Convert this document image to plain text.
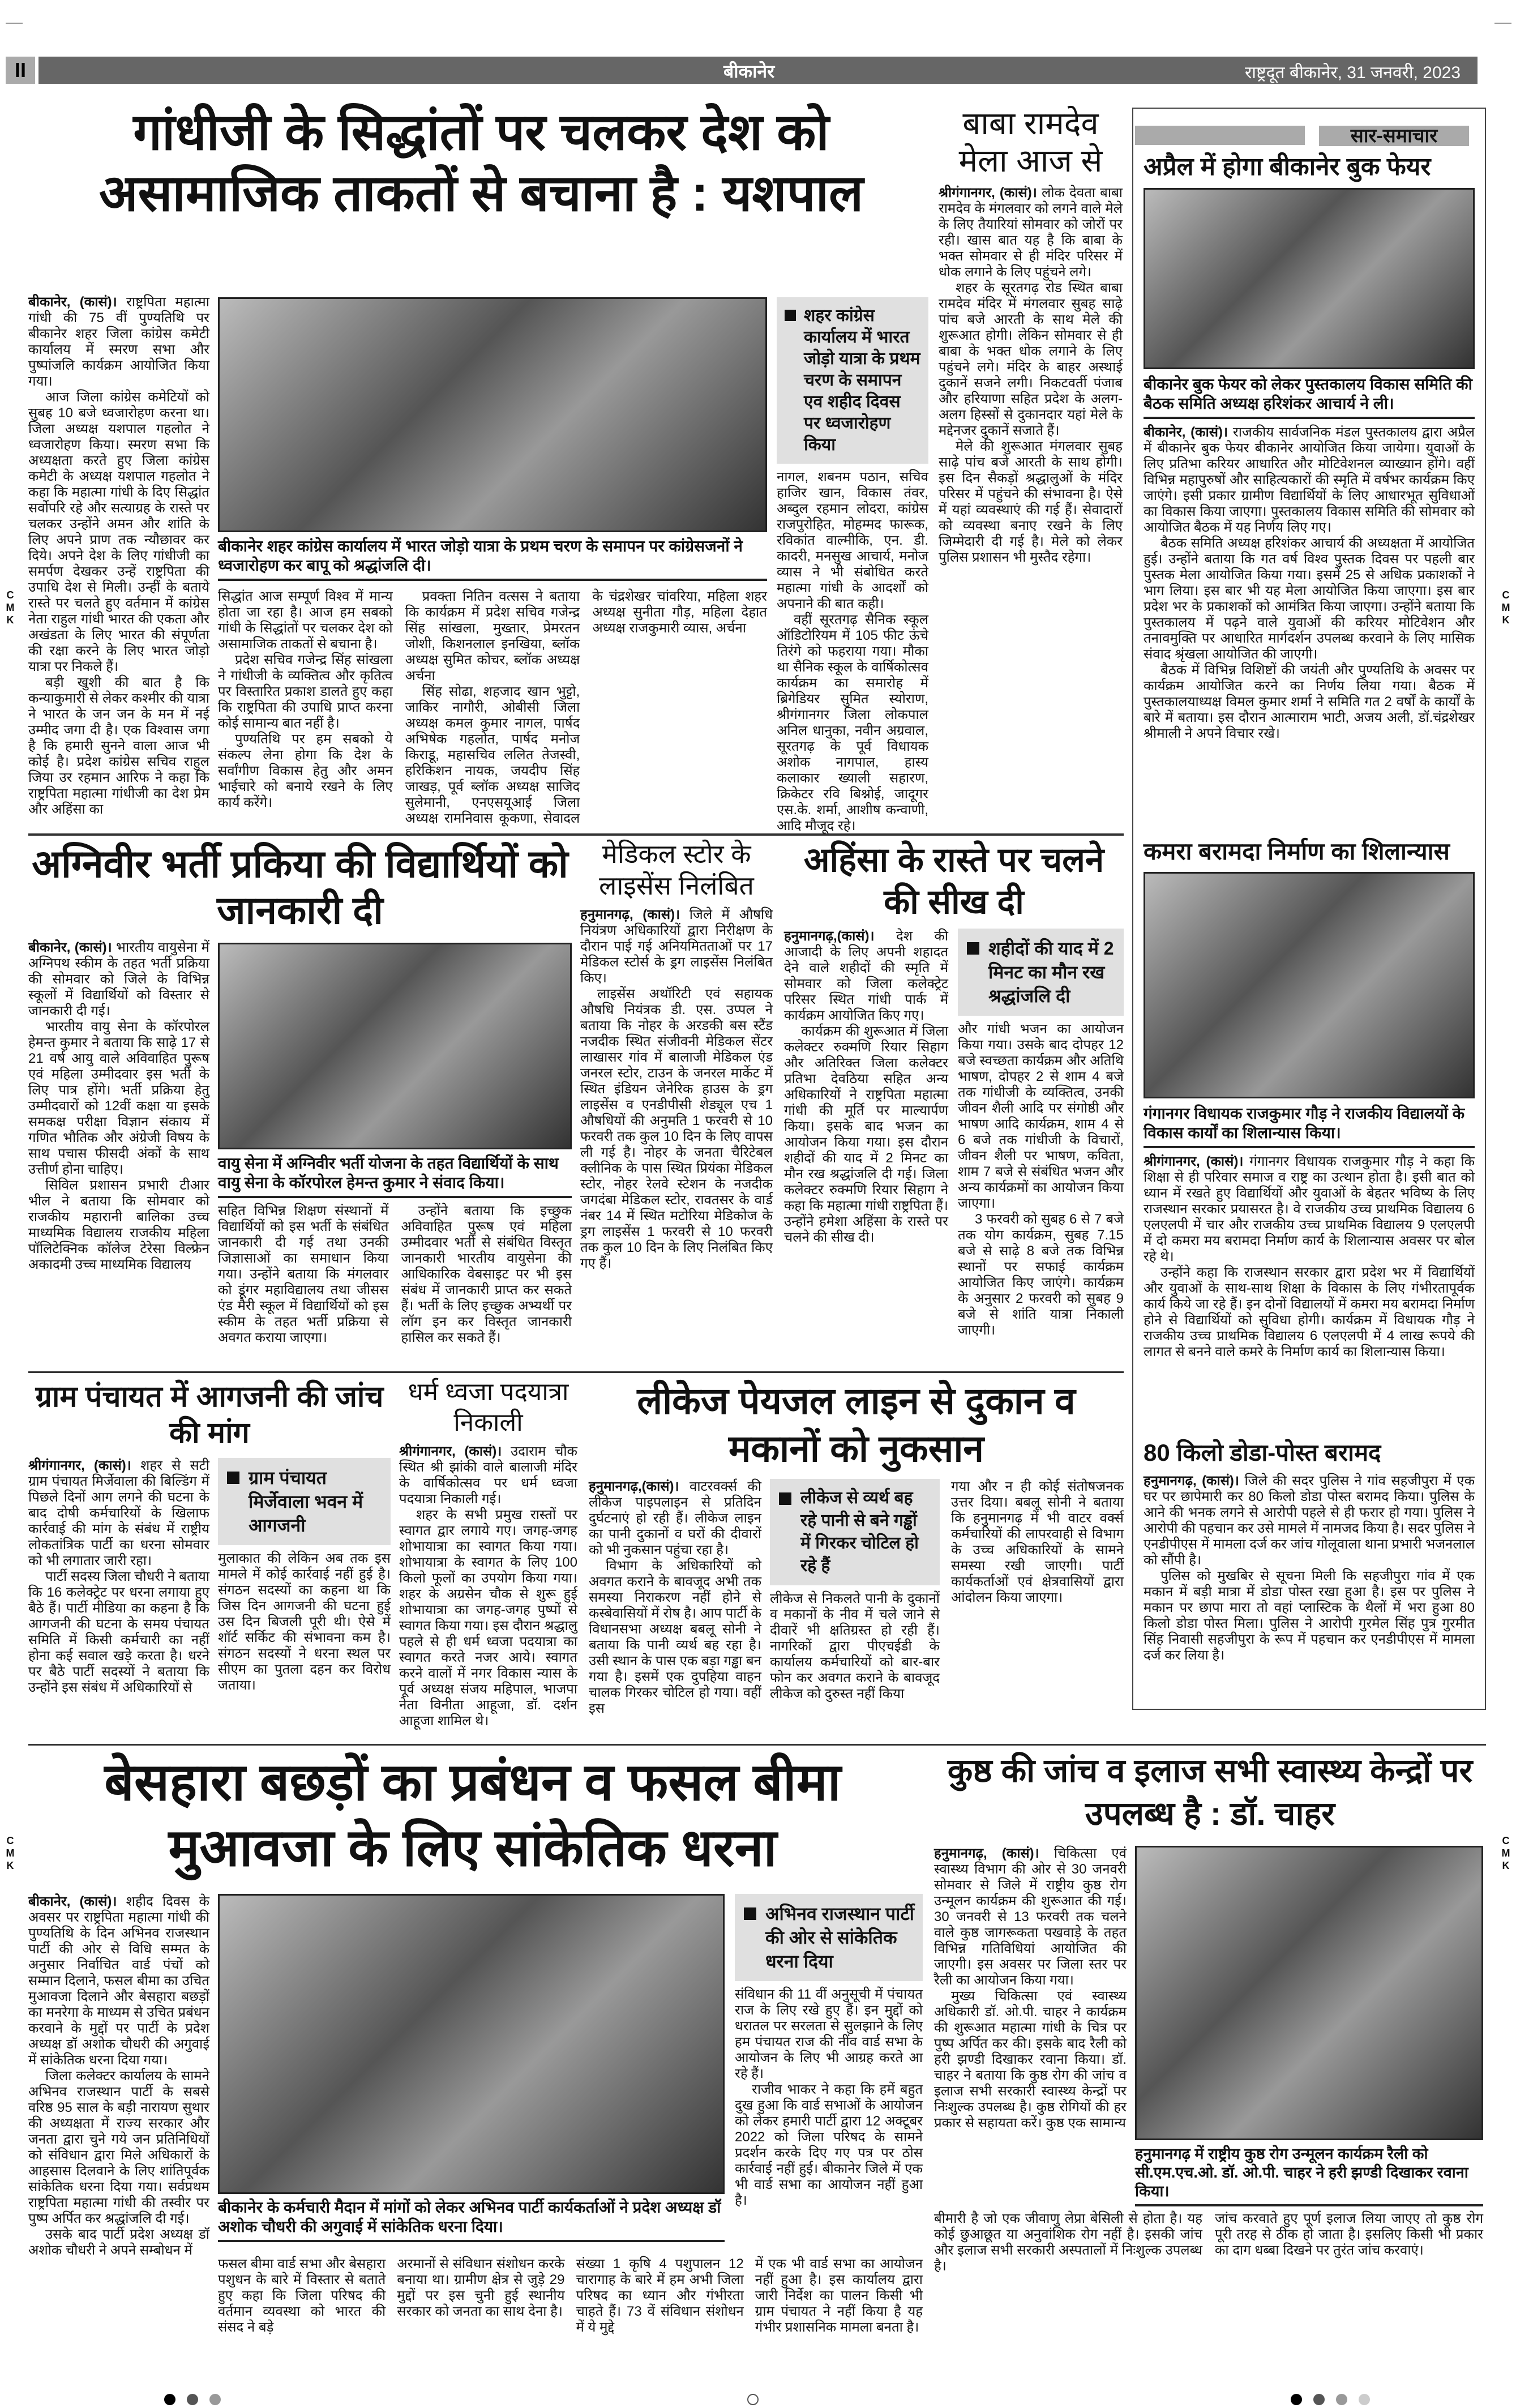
II	बीकानेर	राष्ट्रदूत बीकानेर, 31 जनवरी, 2023
गांधीजी के सिद्धांतों पर चलकर देश को असामाजिक ताकतों से बचाना है : यशपाल

बीकानेर, (कासं)। राष्ट्रपिता महात्मा गांधी की 75 वीं पुण्यतिथि पर बीकानेर शहर जिला कांग्रेस कमेटी कार्यालय में स्मरण सभा और पुष्पांजलि कार्यक्रम आयोजित किया गया।

आज जिला कांग्रेस कमेटियों को सुबह 10 बजे ध्वजारोहण करना था। जिला अध्यक्ष यशपाल गहलोत ने ध्वजारोहण किया। स्मरण सभा कि अध्यक्षता करते हुए जिला कांग्रेस कमेटी के अध्यक्ष यशपाल गहलोत ने कहा कि महात्मा गांधी के दिए सिद्धांत सर्वोपरि रहे और सत्याग्रह के रास्ते पर चलकर उन्होंने अमन और शांति के लिए अपने प्राण तक न्यौछावर कर दिये। अपने देश के लिए गांधीजी का समर्पण देखकर उन्हें राष्ट्रपिता की उपाधि देश से मिली। उन्हीं के बताये रास्ते पर चलते हुए वर्तमान में कांग्रेस नेता राहुल गांधी भारत की एकता और अखंडता के लिए भारत की संपूर्णता की रक्षा करने के लिए भारत जोड़ो यात्रा पर निकले हैं।

बड़ी खुशी की बात है कि कन्याकुमारी से लेकर कश्मीर की यात्रा ने भारत के जन जन के मन में नई उम्मीद जगा दी है। एक विश्वास जगा है कि हमारी सुनने वाला आज भी कोई है। प्रदेश कांग्रेस सचिव राहुल जिया उर रहमान आरिफ ने कहा कि राष्ट्रपिता महात्मा गांधीजी का देश प्रेम और अहिंसा का

बीकानेर शहर कांग्रेस कार्यालय में भारत जोड़ो यात्रा के प्रथम चरण के समापन पर कांग्रेसजनों ने ध्वजारोहण कर बापू को श्रद्धांजलि दी।

सिद्धांत आज सम्पूर्ण विश्व में मान्य होता जा रहा है। आज हम सबको गांधी के सिद्धांतों पर चलकर देश को असामाजिक ताकतों से बचाना है।

प्रदेश सचिव गजेन्द्र सिंह सांखला ने गांधीजी के व्यक्तित्व और कृतित्व पर विस्तारित प्रकाश डालते हुए कहा कि राष्ट्रपिता की उपाधि प्राप्त करना कोई सामान्य बात नहीं है।

पुण्यतिथि पर हम सबको ये संकल्प लेना होगा कि देश के सर्वांगीण विकास हेतु और अमन भाईचारे को बनाये रखने के लिए कार्य करेंगे।

प्रवक्ता नितिन वत्सस ने बताया कि कार्यक्रम में प्रदेश सचिव गजेन्द्र सिंह सांखला, मुख्तार, प्रेमरतन जोशी, किशनलाल इनखिया, ब्लॉक अध्यक्ष सुमित कोचर, ब्लॉक अध्यक्ष अर्चना

सिंह सोढा, शहजाद खान भुट्टो, जाकिर नागौरी, ओबीसी जिला अध्यक्ष कमल कुमार नागल, पार्षद अभिषेक गहलोत, पार्षद मनोज किराडू, महासचिव ललित तेजस्वी, हरिकिशन नायक, जयदीप सिंह जाखड़, पूर्व ब्लॉक अध्यक्ष साजिद सुलेमानी, एनएसयूआई जिला अध्यक्ष रामनिवास कूकणा, सेवादल के चंद्रशेखर चांवरिया, महिला शहर अध्यक्ष सुनीता गौड़, महिला देहात अध्यक्ष राजकुमारी व्यास, अर्चना

शहर कांग्रेस कार्यालय में भारत जोड़ो यात्रा के प्रथम चरण के समापन एव शहीद दिवस पर ध्वजारोहण किया

नागल, शबनम पठान, सचिव हाजिर खान, विकास तंवर, अब्दुल रहमान लोदरा, कांग्रेस राजपुरोहित, मोहम्मद फारूक, रविकांत वाल्मीकि, एन. डी. कादरी, मनसुख आचार्य, मनोज व्यास ने भी संबोधित करते महात्मा गांधी के आदर्शों को अपनाने की बात कही।

वहीं सूरतगढ़ सैनिक स्कूल ऑडिटोरियम में 105 फीट ऊंचे तिरंगे को फहराया गया। मौका था सैनिक स्कूल के वार्षिकोत्सव कार्यक्रम का समारोह में ब्रिगेडियर सुमित स्योराण, श्रीगंगानगर जिला लोकपाल अनिल धानुका, नवीन अग्रवाल, सूरतगढ़ के पूर्व विधायक अशोक नागपाल, हास्य कलाकार ख्याली सहारण, क्रिकेटर रवि बिश्नोई, जादूगर एस.के. शर्मा, आशीष कन्वाणी, आदि मौजूद रहे।

बाबा रामदेव मेला आज से

श्रीगंगानगर, (कासं)। लोक देवता बाबा रामदेव के मंगलवार को लगने वाले मेले के लिए तैयारियां सोमवार को जोरों पर रही। खास बात यह है कि बाबा के भक्त सोमवार से ही मंदिर परिसर में धोक लगाने के लिए पहुंचने लगे।

शहर के सूरतगढ़ रोड स्थित बाबा रामदेव मंदिर में मंगलवार सुबह साढ़े पांच बजे आरती के साथ मेले की शुरूआत होगी। लेकिन सोमवार से ही बाबा के भक्त धोक लगाने के लिए पहुंचने लगे। मंदिर के बाहर अस्थाई दुकानें सजने लगी। निकटवर्ती पंजाब और हरियाणा सहित प्रदेश के अलग-अलग हिस्सों से दुकानदार यहां मेले के मद्देनजर दुकानें सजाते हैं।

मेले की शुरूआत मंगलवार सुबह साढ़े पांच बजे आरती के साथ होगी। इस दिन सैकड़ों श्रद्धालुओं के मंदिर परिसर में पहुंचने की संभावना है। ऐसे में यहां व्यवस्थाएं की गई हैं। सेवादारों को व्यवस्था बनाए रखने के लिए जिम्मेदारी दी गई है। मेले को लेकर पुलिस प्रशासन भी मुस्तैद रहेगा।

सार-समाचार
अप्रैल में होगा बीकानेर बुक फेयर
बीकानेर बुक फेयर को लेकर पुस्तकालय विकास समिति की बैठक समिति अध्यक्ष हरिशंकर आचार्य ने ली।

बीकानेर, (कासं)। राजकीय सार्वजनिक मंडल पुस्तकालय द्वारा अप्रैल में बीकानेर बुक फेयर बीकानेर आयोजित किया जायेगा। युवाओं के लिए प्रतिभा करियर आधारित और मोटिवेशनल व्याख्यान होंगे। वहीं विभिन्न महापुरुषों और साहित्यकारों की स्मृति में वर्षभर कार्यक्रम किए जाएंगे। इसी प्रकार ग्रामीण विद्यार्थियों के लिए आधारभूत सुविधाओं का विकास किया जाएगा। पुस्तकालय विकास समिति की सोमवार को आयोजित बैठक में यह निर्णय लिए गए।

बैठक समिति अध्यक्ष हरिशंकर आचार्य की अध्यक्षता में आयोजित हुई। उन्होंने बताया कि गत वर्ष विश्व पुस्तक दिवस पर पहली बार पुस्तक मेला आयोजित किया गया। इसमें 25 से अधिक प्रकाशकों ने भाग लिया। इस बार भी यह मेला आयोजित किया जाएगा। इस बार प्रदेश भर के प्रकाशकों को आमंत्रित किया जाएगा। उन्होंने बताया कि पुस्तकालय में पढ़ने वाले युवाओं की करियर मोटिवेशन और तनावमुक्ति पर आधारित मार्गदर्शन उपलब्ध करवाने के लिए मासिक संवाद श्रृंखला आयोजित की जाएगी।

बैठक में विभिन्न विशिष्टों की जयंती और पुण्यतिथि के अवसर पर कार्यक्रम आयोजित करने का निर्णय लिया गया। बैठक में पुस्तकालयाध्यक्ष विमल कुमार शर्मा ने समिति गत 2 वर्षों के कार्यों के बारे में बताया। इस दौरान आत्माराम भाटी, अजय अली, डॉ.चंद्रशेखर श्रीमाली ने अपने विचार रखे।

कमरा बरामदा निर्माण का शिलान्यास
गंगानगर विधायक राजकुमार गौड़ ने राजकीय विद्यालयों के विकास कार्यों का शिलान्यास किया।

श्रीगंगानगर, (कासं)। गंगानगर विधायक राजकुमार गौड़ ने कहा कि शिक्षा से ही परिवार समाज व राष्ट्र का उत्थान होता है। इसी बात को ध्यान में रखते हुए विद्यार्थियों और युवाओं के बेहतर भविष्य के लिए राजस्थान सरकार प्रयासरत है। वे राजकीय उच्च प्राथमिक विद्यालय 6 एलएलपी में चार और राजकीय उच्च प्राथमिक विद्यालय 9 एलएलपी में दो कमरा मय बरामदा निर्माण कार्य के शिलान्यास अवसर पर बोल रहे थे।

उन्होंने कहा कि राजस्थान सरकार द्वारा प्रदेश भर में विद्यार्थियों और युवाओं के साथ-साथ शिक्षा के विकास के लिए गंभीरतापूर्वक कार्य किये जा रहे हैं। इन दोनों विद्यालयों में कमरा मय बरामदा निर्माण होने से विद्यार्थियों को सुविधा होगी। कार्यक्रम में विधायक गौड़ ने राजकीय उच्च प्राथमिक विद्यालय 6 एलएलपी में 4 लाख रूपये की लागत से बनने वाले कमरे के निर्माण कार्य का शिलान्यास किया।

80 किलो डोडा-पोस्त बरामद

हनुमानगढ़, (कासं)। जिले की सदर पुलिस ने गांव सहजीपुरा में एक घर पर छापेमारी कर 80 किलो डोडा पोस्त बरामद किया। पुलिस के आने की भनक लगने से आरोपी पहले से ही फरार हो गया। पुलिस ने आरोपी की पहचान कर उसे मामले में नामजद किया है। सदर पुलिस ने एनडीपीएस में मामला दर्ज कर जांच गोलूवाला थाना प्रभारी भजनलाल को सौंपी है।

पुलिस को मुखबिर से सूचना मिली कि सहजीपुरा गांव में एक मकान में बड़ी मात्रा में डोडा पोस्त रखा हुआ है। इस पर पुलिस ने मकान पर छापा मारा तो वहां प्लास्टिक के थैलों में भरा हुआ 80 किलो डोडा पोस्त मिला। पुलिस ने आरोपी गुरमेल सिंह पुत्र गुरमीत सिंह निवासी सहजीपुरा के रूप में पहचान कर एनडीपीएस में मामला दर्ज कर लिया है।

अग्निवीर भर्ती प्रकिया की विद्यार्थियों को जानकारी दी

बीकानेर, (कासं)। भारतीय वायुसेना में अग्निपथ स्कीम के तहत भर्ती प्रक्रिया की सोमवार को जिले के विभिन्न स्कूलों में विद्यार्थियों को विस्तार से जानकारी दी गई।

भारतीय वायु सेना के कॉरपोरल हेमन्त कुमार ने बताया कि साढ़े 17 से 21 वर्ष आयु वाले अविवाहित पुरूष एवं महिला उम्मीदवार इस भर्ती के लिए पात्र होंगे। भर्ती प्रक्रिया हेतु उम्मीदवारों को 12वीं कक्षा या इसके समकक्ष परीक्षा विज्ञान संकाय में गणित भौतिक और अंग्रेजी विषय के साथ पचास फीसदी अंकों के साथ उत्तीर्ण होना चाहिए।

सिविल प्रशासन प्रभारी टीआर भील ने बताया कि सोमवार को राजकीय महारानी बालिका उच्च माध्यमिक विद्यालय राजकीय महिला पॉलिटेक्निक कॉलेज टेरेसा विल्फ्रेन अकादमी उच्च माध्यमिक विद्यालय

वायु सेना में अग्निवीर भर्ती योजना के तहत विद्यार्थियों के साथ वायु सेना के कॉरपोरल हेमन्त कुमार ने संवाद किया।

सहित विभिन्न शिक्षण संस्थानों में विद्यार्थियों को इस भर्ती के संबंधित जानकारी दी गई तथा उनकी जिज्ञासाओं का समाधान किया गया। उन्होंने बताया कि मंगलवार को डूंगर महाविद्यालय तथा जीसस एंड मैरी स्कूल में विद्यार्थियों को इस स्कीम के तहत भर्ती प्रक्रिया से अवगत कराया जाएगा।

उन्होंने बताया कि इच्छुक अविवाहित पुरूष एवं महिला उम्मीदवार भर्ती से संबंधित विस्तृत जानकारी भारतीय वायुसेना की आधिकारिक वेबसाइट पर भी इस संबंध में जानकारी प्राप्त कर सकते हैं। भर्ती के लिए इच्छुक अभ्यर्थी पर लॉग इन कर विस्तृत जानकारी हासिल कर सकते हैं।

मेडिकल स्टोर के लाइसेंस निलंबित

हनुमानगढ़, (कासं)। जिले में औषधि नियंत्रण अधिकारियों द्वारा निरीक्षण के दौरान पाई गई अनियमितताओं पर 17 मेडिकल स्टोर्स के ड्रग लाइसेंस निलंबित किए।

लाइसेंस अथॉरिटी एवं सहायक औषधि नियंत्रक डी. एस. उप्पल ने बताया कि नोहर के अरडकी बस स्टैंड नजदीक स्थित संजीवनी मेडिकल सेंटर लाखासर गांव में बालाजी मेडिकल एंड जनरल स्टोर, टाउन के जनरल मार्केट में स्थित इंडियन जेनेरिक हाउस के ड्रग लाइसेंस व एनडीपीसी शेड्यूल एच 1 औषधियों की अनुमति 1 फरवरी से 10 फरवरी तक कुल 10 दिन के लिए वापस ली गई है। नोहर के जनता चैरिटेबल क्लीनिक के पास स्थित प्रियंका मेडिकल स्टोर, नोहर रेलवे स्टेशन के नजदीक जगदंबा मेडिकल स्टोर, रावतसर के वार्ड नंबर 14 में स्थित मटोरिया मेडिकोज के ड्रग लाइसेंस 1 फरवरी से 10 फरवरी तक कुल 10 दिन के लिए निलंबित किए गए हैं।

अहिंसा के रास्ते पर चलने की सीख दी

हनुमानगढ़,(कासं)। देश की आजादी के लिए अपनी शहादत देने वाले शहीदों की स्मृति में सोमवार को जिला कलेक्ट्रेट परिसर स्थित गांधी पार्क में कार्यक्रम आयोजित किए गए।

कार्यक्रम की शुरूआत में जिला कलेक्टर रुक्मणि रियार सिहाग और अतिरिक्त जिला कलेक्टर प्रतिभा देवठिया सहित अन्य अधिकारियों ने राष्ट्रपिता महात्मा गांधी की मूर्ति पर माल्यार्पण किया। इसके बाद भजन का आयोजन किया गया। इस दौरान शहीदों की याद में 2 मिनट का मौन रख श्रद्धांजलि दी गई। जिला कलेक्टर रुक्मणि रियार सिहाग ने कहा कि महात्मा गांधी राष्ट्रपिता हैं। उन्होंने हमेशा अहिंसा के रास्ते पर चलने की सीख दी।

शहीदों की याद में 2 मिनट का मौन रख श्रद्धांजलि दी

और गांधी भजन का आयोजन किया गया। उसके बाद दोपहर 12 बजे स्वच्छता कार्यक्रम और अतिथि भाषण, दोपहर 2 से शाम 4 बजे तक गांधीजी के व्यक्तित्व, उनकी जीवन शैली आदि पर संगोष्ठी और भाषण आदि कार्यक्रम, शाम 4 से 6 बजे तक गांधीजी के विचारों, जीवन शैली पर भाषण, कविता, शाम 7 बजे से संबंधित भजन और अन्य कार्यक्रमों का आयोजन किया जाएगा।

3 फरवरी को सुबह 6 से 7 बजे तक योग कार्यक्रम, सुबह 7.15 बजे से साढ़े 8 बजे तक विभिन्न स्थानों पर सफाई कार्यक्रम आयोजित किए जाएंगे। कार्यक्रम के अनुसार 2 फरवरी को सुबह 9 बजे से शांति यात्रा निकाली जाएगी।

ग्राम पंचायत में आगजनी की जांच की मांग

श्रीगंगानगर, (कासं)। शहर से सटी ग्राम पंचायत मिर्जेवाला की बिल्डिंग में पिछले दिनों आग लगने की घटना के बाद दोषी कर्मचारियों के खिलाफ कार्रवाई की मांग के संबंध में राष्ट्रीय लोकतांत्रिक पार्टी का धरना सोमवार को भी लगातार जारी रहा।

पार्टी सदस्य जिला चौधरी ने बताया कि 16 कलेक्ट्रेट पर धरना लगाया हुए बैठे हैं। पार्टी मीडिया का कहना है कि आगजनी की घटना के समय पंचायत समिति में किसी कर्मचारी का नहीं होना कई सवाल खड़े करता है। धरने पर बैठे पार्टी सदस्यों ने बताया कि उन्होंने इस संबंध में अधिकारियों से

ग्राम पंचायत मिर्जेवाला भवन में आगजनी

मुलाकात की लेकिन अब तक इस मामले में कोई कार्रवाई नहीं हुई है। संगठन सदस्यों का कहना था कि जिस दिन आगजनी की घटना हुई उस दिन बिजली पूरी थी। ऐसे में शॉर्ट सर्किट की संभावना कम है। संगठन सदस्यों ने धरना स्थल पर सीएम का पुतला दहन कर विरोध जताया।

धर्म ध्वजा पदयात्रा निकाली

श्रीगंगानगर, (कासं)। उदाराम चौक स्थित श्री झांकी वाले बालाजी मंदिर के वार्षिकोत्सव पर धर्म ध्वजा पदयात्रा निकाली गई।

शहर के सभी प्रमुख रास्तों पर स्वागत द्वार लगाये गए। जगह-जगह शोभायात्रा का स्वागत किया गया। शोभायात्रा के स्वागत के लिए 100 किलो फूलों का उपयोग किया गया। शहर के अग्रसेन चौक से शुरू हुई शोभायात्रा का जगह-जगह पुष्पों से स्वागत किया गया। इस दौरान श्रद्धालु पहले से ही धर्म ध्वजा पदयात्रा का स्वागत करते नजर आये। स्वागत करने वालों में नगर विकास न्यास के पूर्व अध्यक्ष संजय महिपाल, भाजपा नेता विनीता आहूजा, डॉ. दर्शन आहूजा शामिल थे।

लीकेज पेयजल लाइन से दुकान व मकानों को नुकसान

हनुमानगढ़,(कासं)। वाटरवर्क्स की लीकेज पाइपलाइन से प्रतिदिन दुर्घटनाएं हो रही हैं। लीकेज लाइन का पानी दुकानों व घरों की दीवारों को भी नुकसान पहुंचा रहा है।

विभाग के अधिकारियों को अवगत कराने के बावजूद अभी तक समस्या निराकरण नहीं होने से कस्बेवासियों में रोष है। आप पार्टी के विधानसभा अध्यक्ष बबलू सोनी ने बताया कि पानी व्यर्थ बह रहा है। उसी स्थान के पास एक बड़ा गड्ढा बन गया है। इसमें एक दुपहिया वाहन चालक गिरकर चोटिल हो गया। वहीं इस

लीकेज से व्यर्थ बह रहे पानी से बने गड्ढों में गिरकर चोटिल हो रहे हैं

लीकेज से निकलते पानी के दुकानों व मकानों के नीव में चले जाने से दीवारें भी क्षतिग्रस्त हो रही हैं। नागरिकों द्वारा पीएचईडी के कार्यालय कर्मचारियों को बार-बार फोन कर अवगत कराने के बावजूद लीकेज को दुरुस्त नहीं किया

गया और न ही कोई संतोषजनक उत्तर दिया। बबलू सोनी ने बताया कि हनुमानगढ़ में भी वाटर वर्क्स कर्मचारियों की लापरवाही से विभाग के उच्च अधिकारियों के सामने समस्या रखी जाएगी। पार्टी कार्यकर्ताओं एवं क्षेत्रवासियों द्वारा आंदोलन किया जाएगा।

बेसहारा बछड़ों का प्रबंधन व फसल बीमा मुआवजा के लिए सांकेतिक धरना

बीकानेर, (कासं)। शहीद दिवस के अवसर पर राष्ट्रपिता महात्मा गांधी की पुण्यतिथि के दिन अभिनव राजस्थान पार्टी की ओर से विधि सम्मत के अनुसार निर्वाचित वार्ड पंचों को सम्मान दिलाने, फसल बीमा का उचित मुआवजा दिलाने और बेसहारा बछड़ों का मनरेगा के माध्यम से उचित प्रबंधन करवाने के मुद्दों पर पार्टी के प्रदेश अध्यक्ष डॉ अशोक चौधरी की अगुवाई में सांकेतिक धरना दिया गया।

जिला कलेक्टर कार्यालय के सामने अभिनव राजस्थान पार्टी के सबसे वरिष्ठ 95 साल के बड़ी नारायण सुथार की अध्यक्षता में राज्य सरकार और जनता द्वारा चुने गये जन प्रतिनिधियों को संविधान द्वारा मिले अधिकारों के आहसास दिलवाने के लिए शांतिपूर्वक सांकेतिक धरना दिया गया। सर्वप्रथम राष्ट्रपिता महात्मा गांधी की तस्वीर पर पुष्प अर्पित कर श्रद्धांजलि दी गई।

उसके बाद पार्टी प्रदेश अध्यक्ष डॉ अशोक चौधरी ने अपने सम्बोधन में

बीकानेर के कर्मचारी मैदान में मांगों को लेकर अभिनव पार्टी कार्यकर्ताओं ने प्रदेश अध्यक्ष डॉ अशोक चौधरी की अगुवाई में सांकेतिक धरना दिया।
अभिनव राजस्थान पार्टी की ओर से सांकेतिक धरना दिया

संविधान की 11 वीं अनुसूची में पंचायत राज के लिए रखे हुए हैं। इन मुद्दों को धरातल पर सरलता से सुलझाने के लिए हम पंचायत राज की नींव वार्ड सभा के आयोजन के लिए भी आग्रह करते आ रहे हैं।

राजीव भाकर ने कहा कि हमें बहुत दुख हुआ कि वार्ड सभाओं के आयोजन को लेकर हमारी पार्टी द्वारा 12 अक्टूबर 2022 को जिला परिषद के सामने प्रदर्शन करके दिए गए पत्र पर ठोस कार्रवाई नहीं हुई। बीकानेर जिले में एक भी वार्ड सभा का आयोजन नहीं हुआ है।

फसल बीमा वार्ड सभा और बेसहारा पशुधन के बारे में विस्तार से बताते हुए कहा कि जिला परिषद की वर्तमान व्यवस्था को भारत की संसद ने बड़े

अरमानों से संविधान संशोधन करके बनाया था। ग्रामीण क्षेत्र से जुड़े 29 मुद्दों पर इस चुनी हुई स्थानीय सरकार को जनता का साथ देना है।

संख्या 1 कृषि 4 पशुपालन 12 चारागाह के बारे में हम अभी जिला परिषद का ध्यान और गंभीरता चाहते हैं। 73 वें संविधान संशोधन में ये मुद्दे

में एक भी वार्ड सभा का आयोजन नहीं हुआ है। इस कार्यालय द्वारा जारी निर्देश का पालन किसी भी ग्राम पंचायत ने नहीं किया है यह गंभीर प्रशासनिक मामला बनता है।

कुष्ठ की जांच व इलाज सभी स्वास्थ्य केन्द्रों पर उपलब्ध है : डॉ. चाहर

हनुमानगढ़, (कासं)। चिकित्सा एवं स्वास्थ्य विभाग की ओर से 30 जनवरी सोमवार से जिले में राष्ट्रीय कुष्ठ रोग उन्मूलन कार्यक्रम की शुरूआत की गई। 30 जनवरी से 13 फरवरी तक चलने वाले कुष्ठ जागरूकता पखवाड़े के तहत विभिन्न गतिविधियां आयोजित की जाएगी। इस अवसर पर जिला स्तर पर रैली का आयोजन किया गया।

मुख्य चिकित्सा एवं स्वास्थ्य अधिकारी डॉ. ओ.पी. चाहर ने कार्यक्रम की शुरूआत महात्मा गांधी के चित्र पर पुष्प अर्पित कर की। इसके बाद रैली को हरी झण्डी दिखाकर रवाना किया। डॉ. चाहर ने बताया कि कुष्ठ रोग की जांच व इलाज सभी सरकारी स्वास्थ्य केन्द्रों पर निःशुल्क उपलब्ध है। कुष्ठ रोगियों की हर प्रकार से सहायता करें। कुष्ठ एक सामान्य

हनुमानगढ़ में राष्ट्रीय कुष्ठ रोग उन्मूलन कार्यक्रम रैली को सी.एम.एच.ओ. डॉ. ओ.पी. चाहर ने हरी झण्डी दिखाकर रवाना किया।

बीमारी है जो एक जीवाणु लेप्रा बेसिली से होता है। यह कोई छुआछूत या अनुवांशिक रोग नहीं है। इसकी जांच और इलाज सभी सरकारी अस्पतालों में निःशुल्क उपलब्ध है।

जांच करवाते हुए पूर्ण इलाज लिया जाएए तो कुष्ठ रोग पूरी तरह से ठीक हो जाता है। इसलिए किसी भी प्रकार का दाग धब्बा दिखने पर तुरंत जांच करवाएं।

C
M
K
C
M
K
C
M
K
C
M
K
